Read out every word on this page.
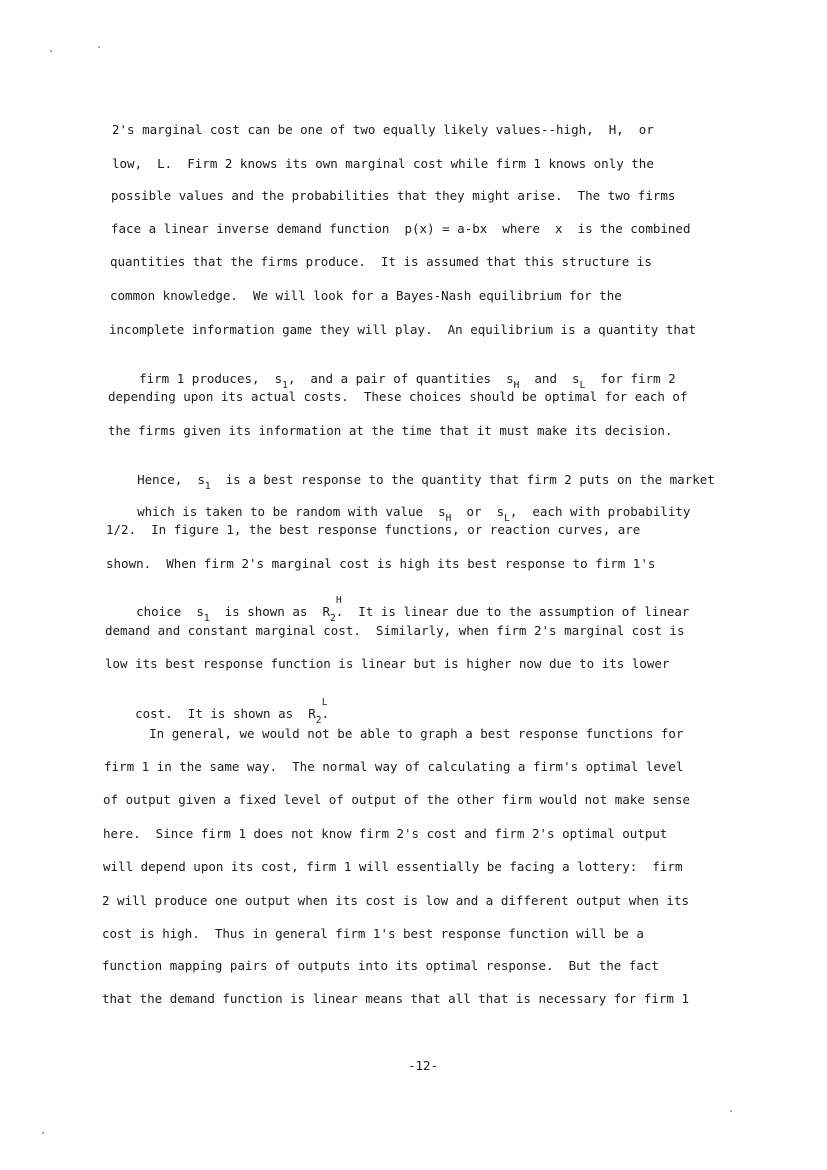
2's marginal cost can be one of two equally likely values--high,  H,  or
low,  L.  Firm 2 knows its own marginal cost while firm 1 knows only the
possible values and the probabilities that they might arise.  The two firms
face a linear inverse demand function  p(x) = a-bx  where  x  is the combined
quantities that the firms produce.  It is assumed that this structure is
common knowledge.  We will look for a Bayes-Nash equilibrium for the
incomplete information game they will play.  An equilibrium is a quantity that

firm 1 produces,  $s_1$,  and a pair of quantities  $s_H$  and  $s_L$  for firm 2

depending upon its actual costs.  These choices should be optimal for each of
the firms given its information at the time that it must make its decision.

Hence,  $s_1$  is a best response to the quantity that firm 2 puts on the market

which is taken to be random with value  $s_H$  or  $s_L$,  each with probability

1/2.  In figure 1, the best response functions, or reaction curves, are
shown.  When firm 2's marginal cost is high its best response to firm 1's

choice  $s_1$  is shown as  R
H
$_2$.  It is linear due to the assumption of linear

demand and constant marginal cost.  Similarly, when firm 2's marginal cost is
low its best response function is linear but is higher now due to its lower

cost.  It is shown as  R
L
$_2$.

In general, we would not be able to graph a best response functions for
firm 1 in the same way.  The normal way of calculating a firm's optimal level
of output given a fixed level of output of the other firm would not make sense
here.  Since firm 1 does not know firm 2's cost and firm 2's optimal output
will depend upon its cost, firm 1 will essentially be facing a lottery:  firm
2 will produce one output when its cost is low and a different output when its
cost is high.  Thus in general firm 1's best response function will be a
function mapping pairs of outputs into its optimal response.  But the fact
that the demand function is linear means that all that is necessary for firm 1
-12-
